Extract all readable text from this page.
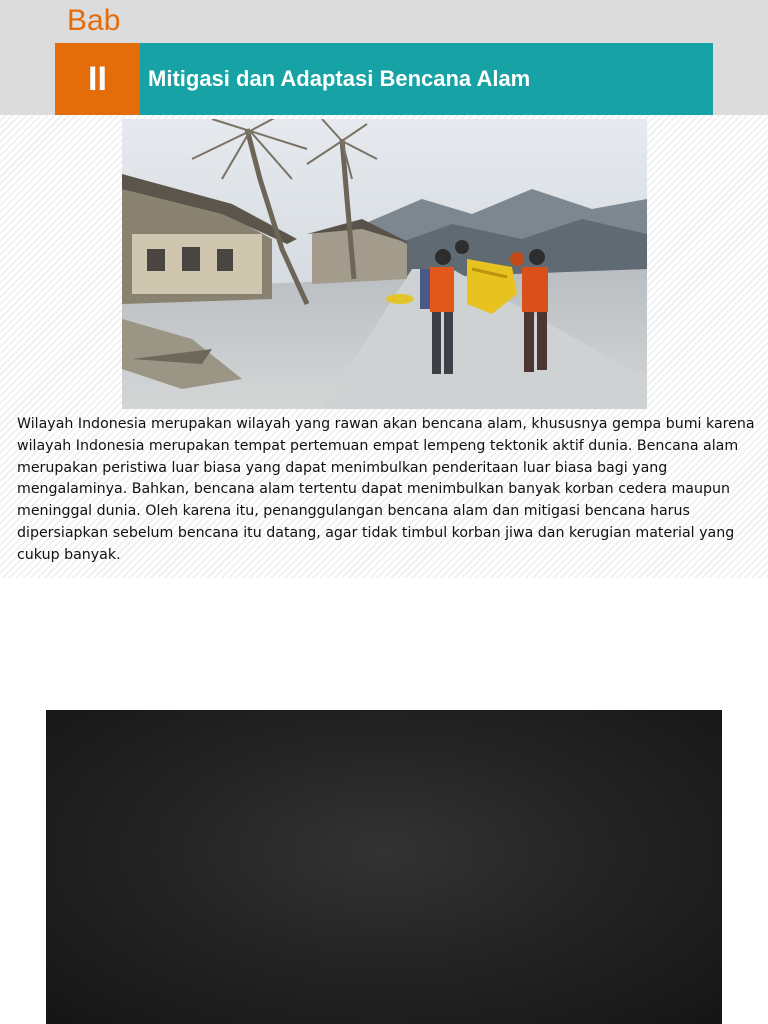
Bab
II Mitigasi dan Adaptasi Bencana Alam

Wilayah Indonesia merupakan wilayah yang rawan akan bencana alam, khususnya gempa bumi karena wilayah Indonesia merupakan tempat pertemuan empat lempeng tektonik aktif dunia. Bencana alam merupakan peristiwa luar biasa yang dapat menimbulkan penderitaan luar biasa bagi yang mengalaminya. Bahkan, bencana alam tertentu dapat menimbulkan banyak korban cedera maupun meninggal dunia. Oleh karena itu, penanggulangan bencana alam dan mitigasi bencana harus dipersiapkan sebelum bencana itu datang, agar tidak timbul korban jiwa dan kerugian material yang cukup banyak.
